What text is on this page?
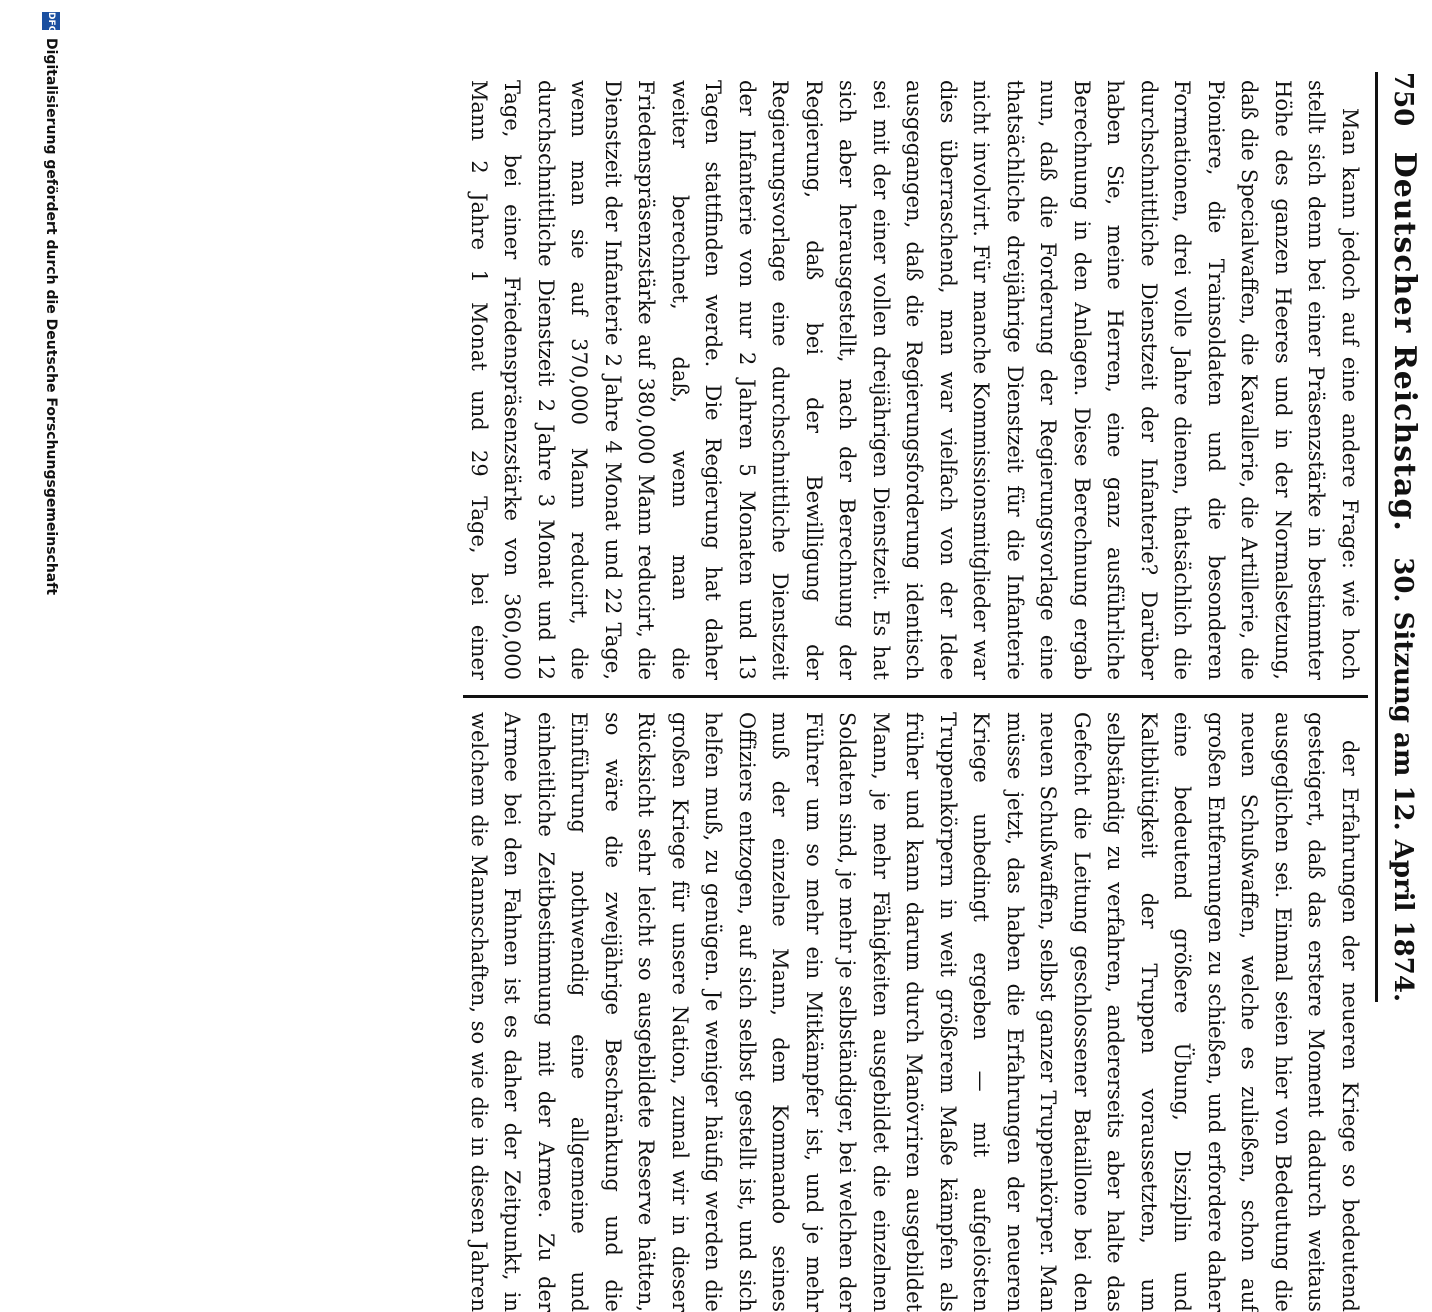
750
Deutscher Reichstag.
30. Sitzung am 12. April 1874.

Man kann jedoch auf eine andere Frage: wie hoch stellt sich denn bei einer Präsenzstärke in bestimmter Höhe des ganzen Heeres und in der Normalsetzung, daß die Specialwaffen, die Kavallerie, die Artillerie, die Pioniere, die Trainsoldaten und die besonderen Formationen, drei volle Jahre dienen, thatsächlich die durchschnittliche Dienstzeit der Infanterie? Darüber haben Sie, meine Herren, eine ganz ausführliche Berechnung in den Anlagen. Diese Berechnung ergab nun, daß die Forderung der Regierungsvorlage eine thatsächliche dreijährige Dienstzeit für die Infanterie nicht involvirt. Für manche Kommissionsmitglieder war dies überraschend, man war vielfach von der Idee ausgegangen, daß die Regierungsforderung identisch sei mit der einer vollen dreijährigen Dienstzeit. Es hat sich aber herausgestellt, nach der Berechnung der Regierung, daß bei der Bewilligung der Regierungsvorlage eine durchschnittliche Dienstzeit der Infanterie von nur 2 Jahren 5 Monaten und 13 Tagen stattfinden werde. Die Regierung hat daher weiter berechnet, daß, wenn man die Friedenspräsenzstärke auf 380,000 Mann reducirt, die Dienstzeit der Infanterie 2 Jahre 4 Monat und 22 Tage, wenn man sie auf 370,000 Mann reducirt, die durchschnittliche Dienstzeit 2 Jahre 3 Monat und 12 Tage, bei einer Friedenspräsenzstärke von 360,000 Mann 2 Jahre 1 Monat und 29 Tage, bei einer

der Erfahrungen der neueren Kriege so bedeutend gesteigert, daß das erstere Moment dadurch weitaus ausgeglichen sei. Einmal seien hier von Bedeutung die neuen Schußwaffen, welche es zuließen, schon auf großen Entfernungen zu schießen, und erfordere daher eine bedeutend größere Übung, Disziplin und Kaltblütigkeit der Truppen voraussetzten, um selbständig zu verfahren, andererseits aber halte das Gefecht die Leitung geschlossener Bataillone bei den neuen Schußwaffen, selbst ganzer Truppenkörper. Man müsse jetzt, das haben die Erfahrungen der neueren Kriege unbedingt ergeben — mit aufgelösten Truppenkörpern in weit größerem Maße kämpfen als früher und kann darum durch Manövriren ausgebildet Mann, je mehr Fähigkeiten ausgebildet die einzelnen Soldaten sind, je mehr je selbständiger, bei welchen der Führer um so mehr ein Mitkämpfer ist, und je mehr muß der einzelne Mann, dem Kommando seines Offiziers entzogen, auf sich selbst gestellt ist, und sich helfen muß, zu genügen. Je weniger häufig werden die großen Kriege für unsere Nation, zumal wir in dieser Rücksicht sehr leicht so ausgebildete Reserve hätten, so wäre die zweijährige Beschränkung und die Einführung nothwendig eine allgemeine und einheitliche Zeitbestimmung mit der Armee. Zu der Armee bei den Fahnen ist es daher der Zeitpunkt, in welchem die Mannschaften, so wie die in diesen Jahren

DFG
Digitalisierung gefördert durch die Deutsche Forschungsgemeinschaft
